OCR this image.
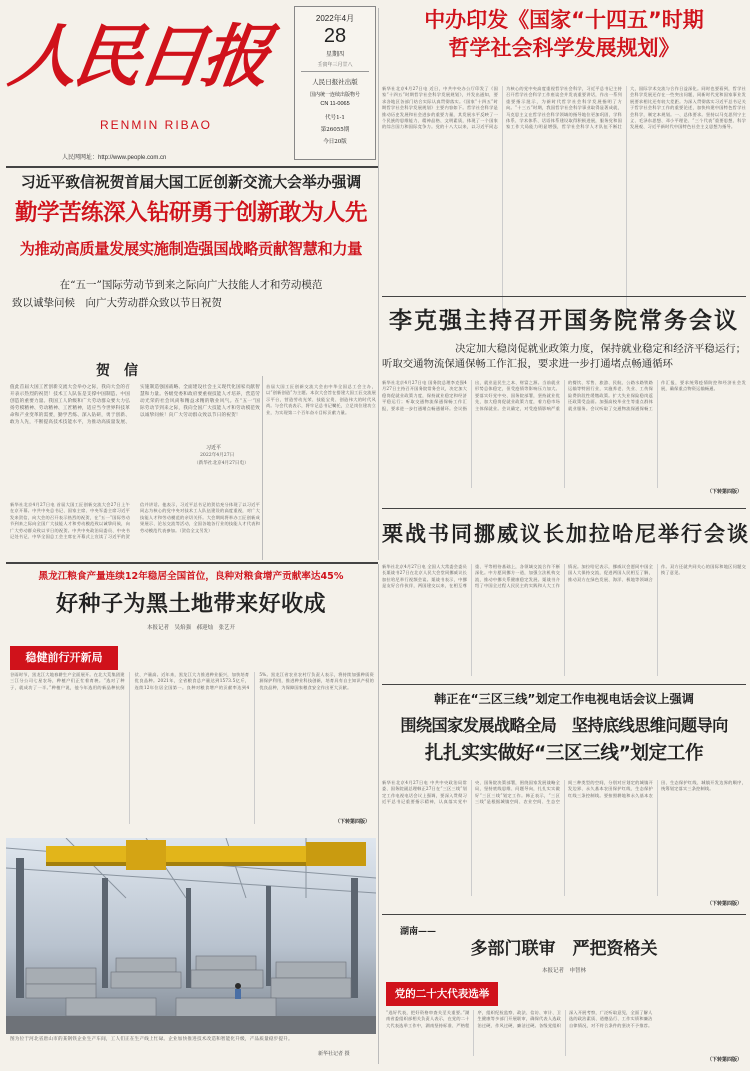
人民日报
RENMIN RIBAO
人民网网址：http://www.people.com.cn
2022年4月
28
星期四
壬寅年三月廿八
人民日报社出版
国内统一连续出版物号
CN 11-0065
代号1-1
第26055期
今日20版
中办印发《国家“十四五”时期
哲学社会科学发展规划》
新华社北京4月27日电 近日，中共中央办公厅印发了《国家“十四五”时期哲学社会科学发展规划》，并发出通知，要求各地区各部门结合实际认真贯彻落实。《国家“十四五”时期哲学社会科学发展规划》主要内容如下。哲学社会科学是推动历史发展和社会进步的重要力量，其发展水平反映了一个民族的思维能力、精神品格、文明素质，体现了一个国家的综合国力和国际竞争力。党的十八大以来，以习近平同志为核心的党中央高度重视哲学社会科学，习近平总书记主持召开哲学社会科学工作座谈会并发表重要讲话，作出一系列重要指示批示，为新时代哲学社会科学发展指明了方向。“十三五”时期，我国哲学社会科学事业取得显著成就，马克思主义在哲学社会科学领域的指导地位更加巩固，学科体系、学术体系、话语体系建设取得积极进展，服务党和国家工作大局能力明显增强，哲学社会科学人才队伍不断壮大，国际学术交流与合作日益深化。同时也要看到，哲学社会科学发展还存在一些突出问题，同新时代党和国家事业发展要求相比还有较大差距。为深入贯彻落实习近平总书记关于哲学社会科学工作的重要论述，加快构建中国特色哲学社会科学，制定本规划。一、总体要求。坚持以马克思列宁主义、毛泽东思想、邓小平理论、“三个代表”重要思想、科学发展观、习近平新时代中国特色社会主义思想为指导。
习近平致信祝贺首届大国工匠创新交流大会举办强调
勤学苦练深入钻研勇于创新敢为人先
为推动高质量发展实施制造强国战略贡献智慧和力量
在“五一”国际劳动节到来之际向广大技能人才和劳动模范
致以诚挚问候　向广大劳动群众致以节日祝贺
贺　信
值此首届大国工匠创新交流大会举办之际，我向大会的召开表示热烈的祝贺！技术工人队伍是支撑中国制造、中国创造的重要力量。我国工人阶级和广大劳动群众要大力弘扬劳模精神、劳动精神、工匠精神，适应当今世界科技革命和产业变革的需要，勤学苦练、深入钻研，勇于创新、敢为人先，不断提高技术技能水平，为推动高质量发展、实施制造强国战略、全面建设社会主义现代化国家贡献智慧和力量。各级党委和政府要重视技能人才培养，营造劳动光荣的社会风尚和精益求精的敬业风气。在“五一”国际劳动节到来之际，我向全国广大技能人才和劳动模范致以诚挚问候！向广大劳动群众致以节日的祝贺！
习近平
2022年4月27日
（新华社北京4月27日电）
新华社北京4月27日电 首届大国工匠创新交流大会27日上午在京开幕。中共中央总书记、国家主席、中央军委主席习近平发来贺信，向大会的召开表示热烈的祝贺，在“五一”国际劳动节到来之际向全国广大技能人才和劳动模范致以诚挚问候，向广大劳动群众致以节日的祝贺。中共中央政治局委员、中央书记处书记、中华全国总工会主席在开幕式上宣读了习近平的贺信并讲话。他表示，习近平总书记的贺信充分体现了以习近平同志为核心的党中央对技术工人队伍建设的高度重视，对广大技能人才和劳动模范的亲切关怀。大会期间将举办工匠创新成果展示、论坛交流等活动，全国各地各行业的技能人才代表和劳动模范代表参加。（贺信全文另发）
首届大国工匠创新交流大会由中华全国总工会主办，以“创新创造”为主题。本次大会旨在搭建大国工匠交流展示平台，营造劳动光荣、技能宝贵、创造伟大的时代风尚。与会代表表示，将牢记总书记嘱托，立足岗位建功立业，为实现第二个百年奋斗目标贡献力量。
李克强主持召开国务院常务会议
决定加大稳岗促就业政策力度，保持就业稳定和经济平稳运行；
听取交通物流保通保畅工作汇报，要求进一步打通堵点畅通循环
新华社北京4月27日电 国务院总理李克强4月27日主持召开国务院常务会议，决定加大稳岗促就业政策力度，保持就业稳定和经济平稳运行；听取交通物流保通保畅工作汇报，要求进一步打通堵点畅通循环。会议指出，就业是民生之本、财富之源。当前就业形势总体稳定，但受疫情等影响压力加大。要落实好党中央、国务院部署，坚持就业优先，加大稳岗促就业政策力度，着力稳市场主体保就业。会议确定，对受疫情影响严重的餐饮、零售、旅游、民航、公路水路铁路运输等特困行业，实施养老、失业、工伤保险费阶段性缓缴政策。扩大失业保险稳岗返还政策受益面。加强高校毕业生等重点群体就业服务。会议听取了交通物流保通保畅工作汇报，要求统筹疫情防控和经济社会发展，确保重点物资运输畅通。
（下转第四版）
栗战书同挪威议长加拉哈尼举行会谈
新华社北京4月27日电 全国人大常委会委员长栗战书27日在北京人民大会堂同挪威议长加拉哈尼举行视频会谈。栗战书表示，中挪是友好合作伙伴，两国建交以来，在相互尊重、平等相待基础上，各领域交流合作不断深化。中方愿同挪方一道，加强立法机构交流，推动中挪关系健康稳定发展。栗战书介绍了中国全过程人民民主的实践和人大工作情况。加拉哈尼表示，挪威议会愿同中国全国人大保持交流，促进两国人民相互了解，推动双方在绿色发展、海洋、极地等领域合作。双方还就共同关心的国际和地区问题交换了意见。
韩正在“三区三线”划定工作电视电话会议上强调
围绕国家发展战略全局　坚持底线思维问题导向
扎扎实实做好“三区三线”划定工作
新华社北京4月27日电 中共中央政治局常委、国务院副总理韩正27日在“三区三线”划定工作电视电话会议上强调，要深入贯彻习近平总书记重要指示精神，认真落实党中央、国务院决策部署，围绕国家发展战略全局，坚持底线思维、问题导向，扎扎实实做好“三区三线”划定工作。韩正表示，“三区三线”是根据城镇空间、农业空间、生态空间三种类型的空间，分别对应划定的城镇开发边界、永久基本农田保护红线、生态保护红线三条控制线。要按照耕地和永久基本农田、生态保护红线、城镇开发边界的顺序，统筹划定落实三条控制线。
（下转第四版）
黑龙江粮食产量连续12年稳居全国首位，良种对粮食增产贡献率达45%
好种子为黑土地带来好收成
本报记者　吴焰强　郝迎灿　张艺开
稳健前行开新局
谷雨时节，黑龙江大地春耕生产全面展开。在北大荒集团建三江分公司七星农场，种植户们正忙着育秧。“选对了种子，就成功了一半。”种植户说，他今年选用的新品种抗倒伏、产量高。近年来，黑龙江大力推进种业振兴，加快培育优良品种。2021年，全省粮食总产量达到1573.5亿斤，连续12年位居全国第一。良种对粮食增产的贡献率达到45%。黑龙江省农业农村厅负责人表示，将持续加强种质资源保护利用，推进种业科技创新，培育具有自主知识产权的优良品种，为保障国家粮食安全作出更大贡献。
（下转第四版）
图为位于河北省唐山市的某钢铁企业生产车间，工人们正在生产线上忙碌。企业加快推进技术改造和智能化升级，产品质量稳步提升。
新华社记者 摄
湖南——
多部门联审　严把资格关
本报记者　申智林
党的二十大代表选举
“选好代表，把好资格审查关至关重要。”湖南省委组织部相关负责人表示，在党的二十大代表选举工作中，湖南坚持标准、严格程序，组织纪检监察、政法、信访、审计、卫生健康等多部门开展联审，确保代表人选政治过硬、作风过硬、廉洁过硬。各级党组织深入开展考察，广泛听取意见，全面了解人选的政治素质、道德品行、工作实绩和廉洁自律情况，对不符合条件的坚决不予推荐。
（下转第四版）
